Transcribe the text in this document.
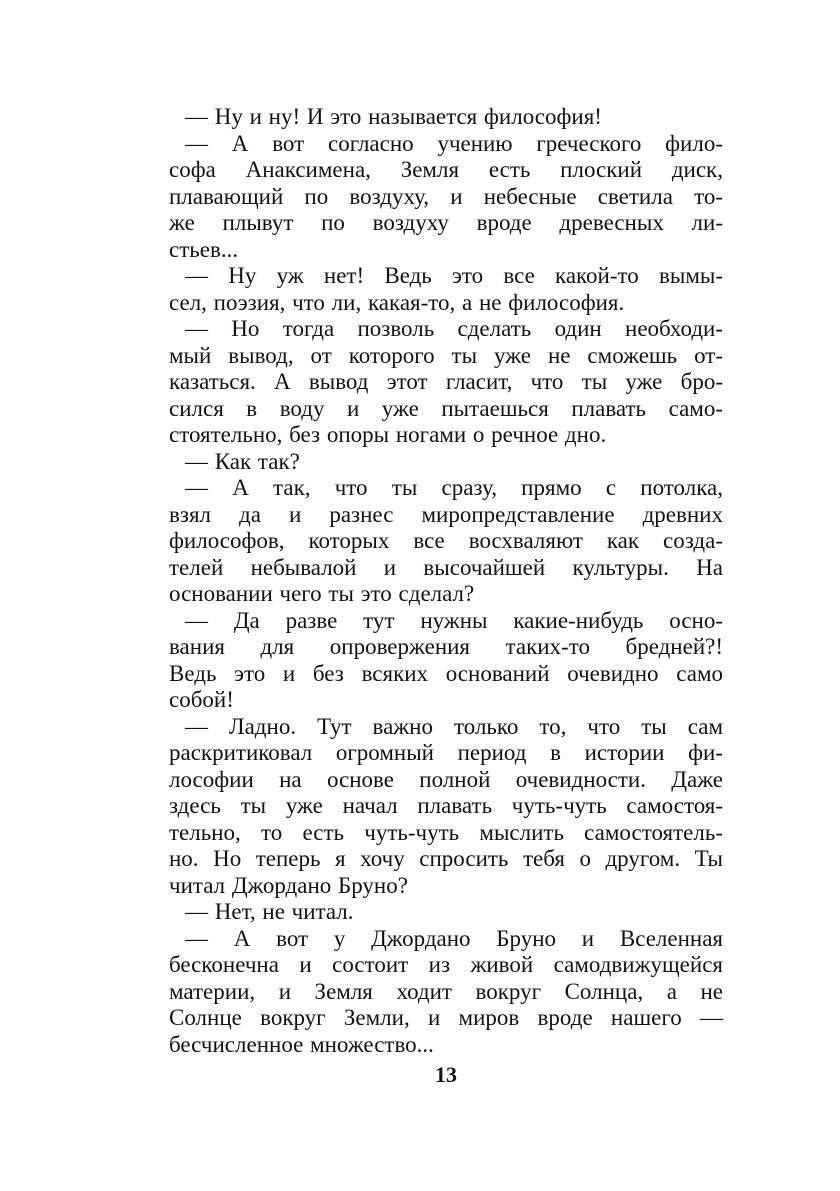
— Ну и ну! И это называется философия!
— А вот согласно учению греческого фило-
софа Анаксимена, Земля есть плоский диск,
плавающий по воздуху, и небесные светила то-
же плывут по воздуху вроде древесных ли-
стьев...
— Ну уж нет! Ведь это все какой-то вымы-
сел, поэзия, что ли, какая-то, а не философия.
— Но тогда позволь сделать один необходи-
мый вывод, от которого ты уже не сможешь от-
казаться. А вывод этот гласит, что ты уже бро-
сился в воду и уже пытаешься плавать само-
стоятельно, без опоры ногами о речное дно.
— Как так?
— А так, что ты сразу, прямо с потолка,
взял да и разнес миропредставление древних
философов, которых все восхваляют как созда-
телей небывалой и высочайшей культуры. На
основании чего ты это сделал?
— Да разве тут нужны какие-нибудь осно-
вания для опровержения таких-то бредней?!
Ведь это и без всяких оснований очевидно само
собой!
— Ладно. Тут важно только то, что ты сам
раскритиковал огромный период в истории фи-
лософии на основе полной очевидности. Даже
здесь ты уже начал плавать чуть-чуть самостоя-
тельно, то есть чуть-чуть мыслить самостоятель-
но. Но теперь я хочу спросить тебя о другом. Ты
читал Джордано Бруно?
— Нет, не читал.
— А вот у Джордано Бруно и Вселенная
бесконечна и состоит из живой самодвижущейся
материи, и Земля ходит вокруг Солнца, а не
Солнце вокруг Земли, и миров вроде нашего —
бесчисленное множество...
13
